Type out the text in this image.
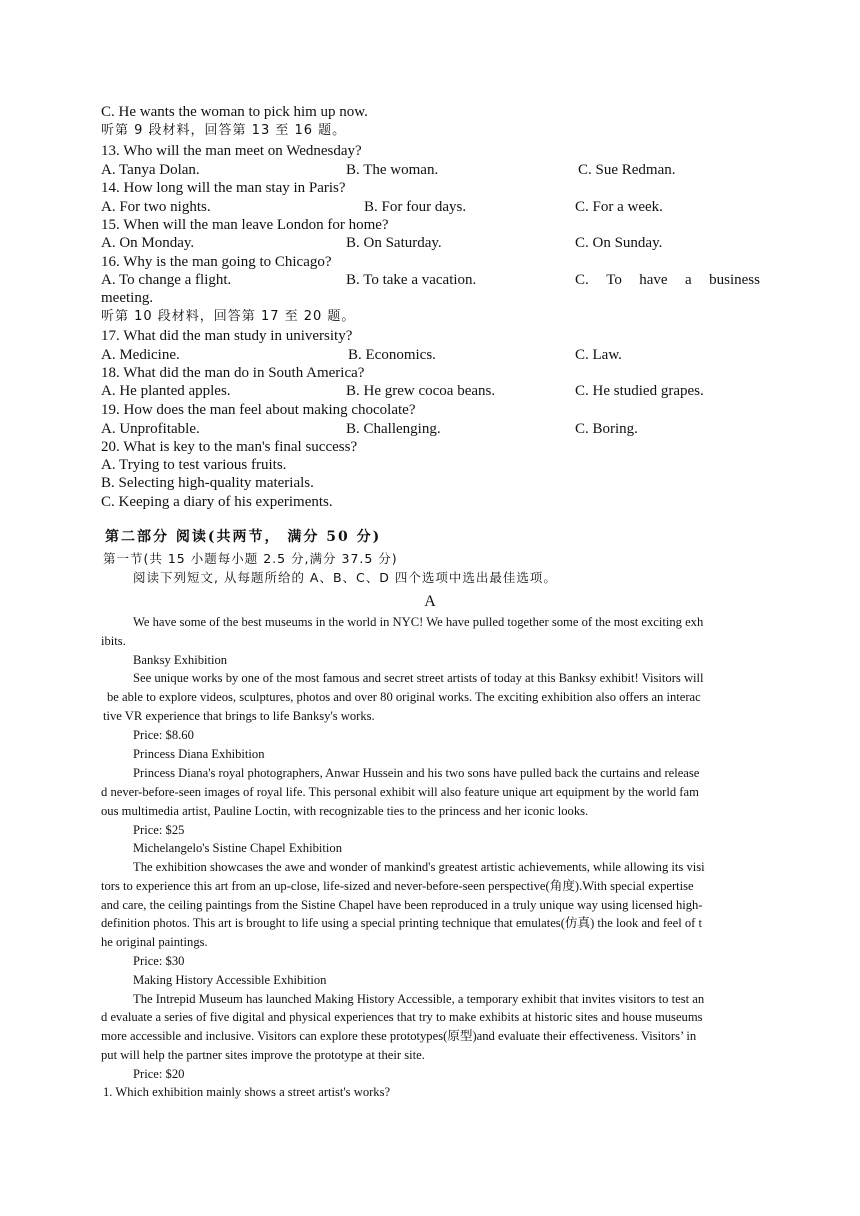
C. He wants the woman to pick him up now.
听第 9 段材料，回答第 13 至 16 题。
13. Who will the man meet on Wednesday?
A. Tanya Dolan.	B. The woman.	C. Sue Redman.
14. How long will the man stay in Paris?
A. For two nights.	B. For four days.	C. For a week.
15. When will the man leave London for home?
A. On Monday.	B. On Saturday.	C. On Sunday.
16. Why is the man going to Chicago?
A. To change a flight.	B. To take a vacation.	C. To have a business
meeting.
听第 10 段材料，回答第 17 至 20 题。
17. What did the man study in university?
A. Medicine.	B. Economics.	C. Law.
18. What did the man do in South America?
A. He planted apples.	B. He grew cocoa beans.	C. He studied grapes.
19. How does the man feel about making chocolate?
A. Unprofitable.	B. Challenging.	C. Boring.
20. What is key to the man's final success?
A. Trying to test various fruits.
B. Selecting high-quality materials.
C. Keeping a diary of his experiments.
第二部分 阅读(共两节， 满分 50 分)
第一节(共 15 小题每小题 2.5 分,满分 37.5 分)
阅读下列短文, 从每题所给的 A、B、C、D 四个选项中选出最佳选项。
A
We have some of the best museums in the world in NYC! We have pulled together some of the most exciting exh
ibits.
Banksy Exhibition
See unique works by one of the most famous and secret street artists of today at this Banksy exhibit! Visitors will
be able to explore videos, sculptures, photos and over 80 original works. The exciting exhibition also offers an interac
tive VR experience that brings to life Banksy's works.
Price: $8.60
Princess Diana Exhibition
Princess Diana's royal photographers, Anwar Hussein and his two sons have pulled back the curtains and release
d never-before-seen images of royal life. This personal exhibit will also feature unique art equipment by the world fam
ous multimedia artist, Pauline Loctin, with recognizable ties to the princess and her iconic looks.
Price: $25
Michelangelo's Sistine Chapel Exhibition
The exhibition showcases the awe and wonder of mankind's greatest artistic achievements, while allowing its visi
tors to experience this art from an up-close, life-sized and never-before-seen perspective(角度).With special expertise
and care, the ceiling paintings from the Sistine Chapel have been reproduced in a truly unique way using licensed high-
definition photos. This art is brought to life using a special printing technique that emulates(仿真) the look and feel of t
he original paintings.
Price: $30
Making History Accessible Exhibition
The Intrepid Museum has launched Making History Accessible, a temporary exhibit that invites visitors to test an
d evaluate a series of five digital and physical experiences that try to make exhibits at historic sites and house museums
more accessible and inclusive. Visitors can explore these prototypes(原型)and evaluate their effectiveness. Visitors’ in
put will help the partner sites improve the prototype at their site.
Price: $20
1. Which exhibition mainly shows a street artist's works?
